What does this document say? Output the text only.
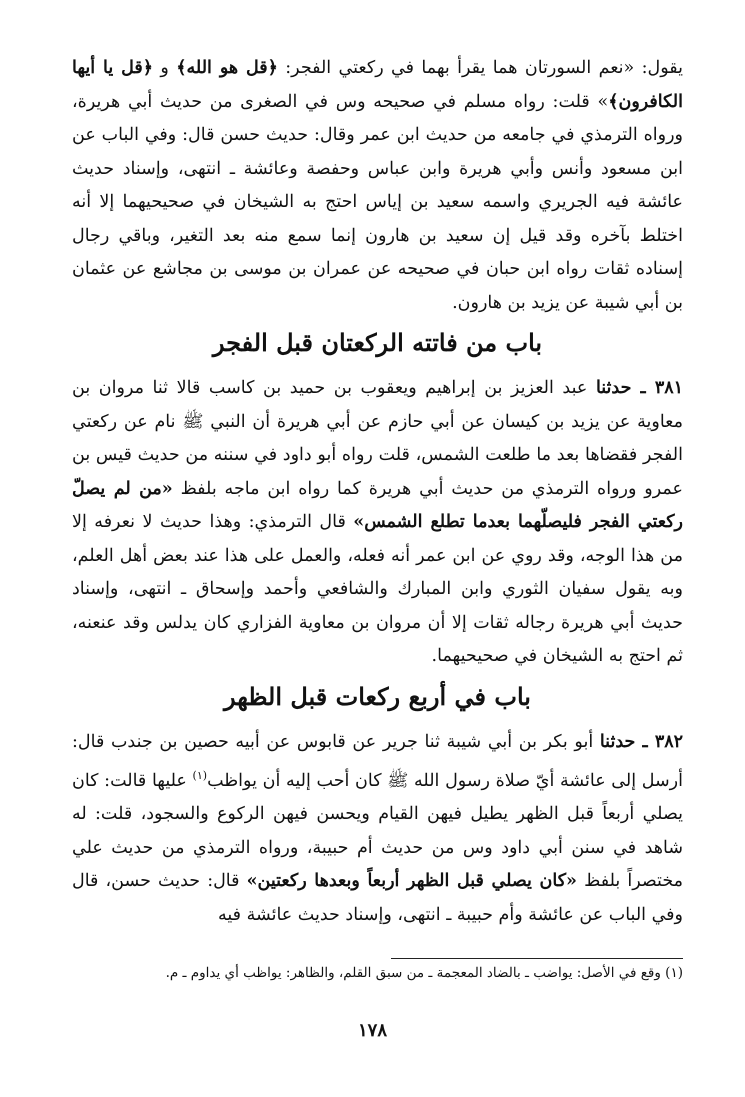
يقول: «نعم السورتان هما يقرأ بهما في ركعتي الفجر: ﴿قل هو الله﴾ و ﴿قل يا أيها الكافرون﴾» قلت: رواه مسلم في صحيحه وس في الصغرى من حديث أبي هريرة، ورواه الترمذي في جامعه من حديث ابن عمر وقال: حديث حسن قال: وفي الباب عن ابن مسعود وأنس وأبي هريرة وابن عباس وحفصة وعائشة ـ انتهى، وإسناد حديث عائشة فيه الجريري واسمه سعيد بن إياس احتج به الشيخان في صحيحيهما إلا أنه اختلط بآخره وقد قيل إن سعيد بن هارون إنما سمع منه بعد التغير، وباقي رجال إسناده ثقات رواه ابن حبان في صحيحه عن عمران بن موسى بن مجاشع عن عثمان بن أبي شيبة عن يزيد بن هارون.

باب من فاتته الركعتان قبل الفجر

٣٨١ ـ حدثنا عبد العزيز بن إبراهيم ويعقوب بن حميد بن كاسب قالا ثنا مروان بن معاوية عن يزيد بن كيسان عن أبي حازم عن أبي هريرة أن النبي ﷺ نام عن ركعتي الفجر فقضاها بعد ما طلعت الشمس، قلت رواه أبو داود في سننه من حديث قيس بن عمرو ورواه الترمذي من حديث أبي هريرة كما رواه ابن ماجه بلفظ «من لم يصلّ ركعتي الفجر فليصلّهما بعدما تطلع الشمس» قال الترمذي: وهذا حديث لا نعرفه إلا من هذا الوجه، وقد روي عن ابن عمر أنه فعله، والعمل على هذا عند بعض أهل العلم، وبه يقول سفيان الثوري وابن المبارك والشافعي وأحمد وإسحاق ـ انتهى، وإسناد حديث أبي هريرة رجاله ثقات إلا أن مروان بن معاوية الفزاري كان يدلس وقد عنعنه، ثم احتج به الشيخان في صحيحيهما.

باب في أربع ركعات قبل الظهر

٣٨٢ ـ حدثنا أبو بكر بن أبي شيبة ثنا جرير عن قابوس عن أبيه حصين بن جندب قال: أرسل إلى عائشة أيّ صلاة رسول الله ﷺ كان أحب إليه أن يواظب$^{(١)}$ عليها قالت: كان يصلي أربعاً قبل الظهر يطيل فيهن القيام ويحسن فيهن الركوع والسجود، قلت: له شاهد في سنن أبي داود وس من حديث أم حبيبة، ورواه الترمذي من حديث علي مختصراً بلفظ «كان يصلي قبل الظهر أربعاً وبعدها ركعتين» قال: حديث حسن، قال وفي الباب عن عائشة وأم حبيبة ـ انتهى، وإسناد حديث عائشة فيه

(١) وقع في الأصل: يواضب ـ بالضاد المعجمة ـ من سبق القلم، والظاهر: يواظب أي يداوم ـ م.
١٧٨
